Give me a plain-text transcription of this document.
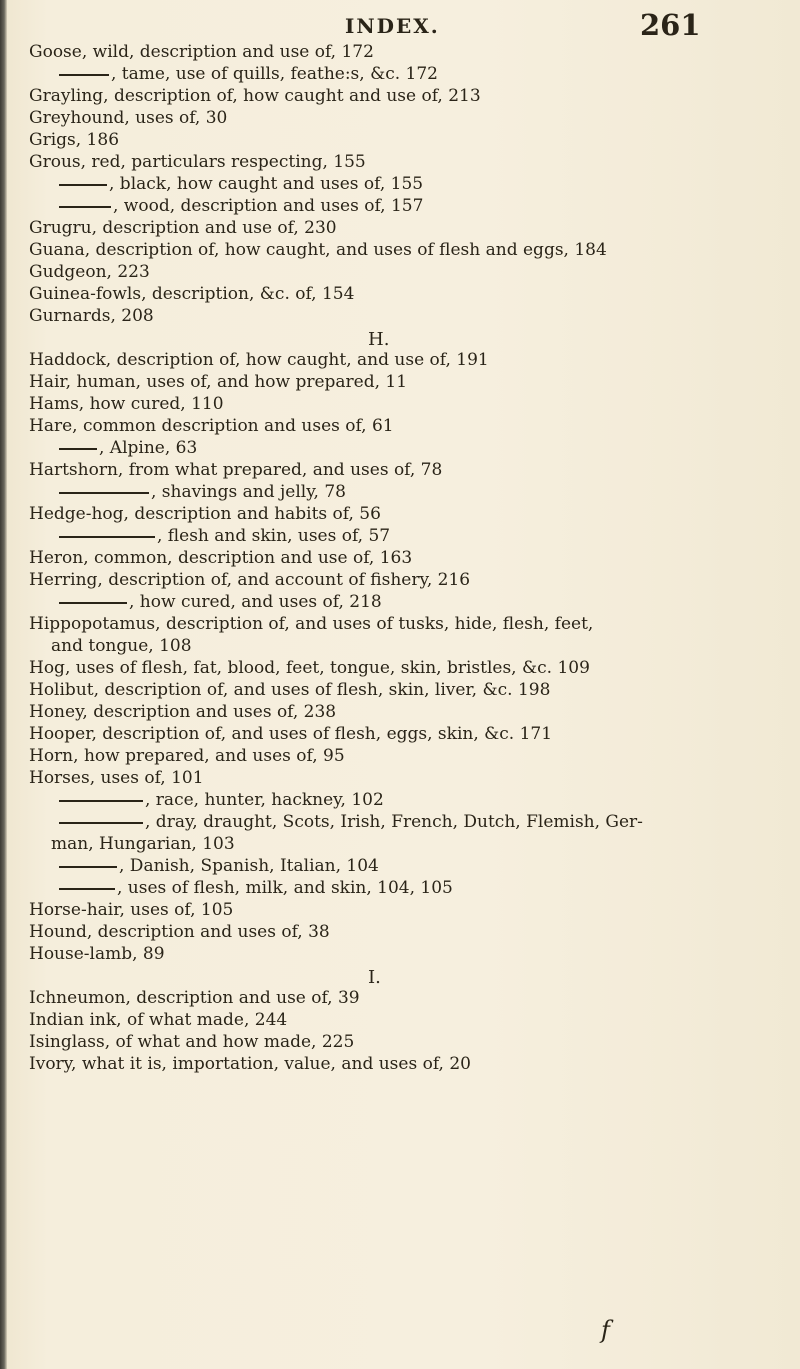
INDEX.	261
Goose, wild, description and use of, 172
, tame, use of quills, feathe:s, &c. 172
Grayling, description of, how caught and use of, 213
Greyhound, uses of, 30
Grigs, 186
Grous, red, particulars respecting, 155
, black, how caught and uses of, 155
, wood, description and uses of, 157
Grugru, description and use of, 230
Guana, description of, how caught, and uses of flesh and eggs, 184
Gudgeon, 223
Guinea-fowls, description, &c. of, 154
Gurnards, 208
H.
Haddock, description of, how caught, and use of, 191
Hair, human, uses of, and how prepared, 11
Hams, how cured, 110
Hare, common description and uses of, 61
, Alpine, 63
Hartshorn, from what prepared, and uses of, 78
, shavings and jelly, 78
Hedge-hog, description and habits of, 56
, flesh and skin, uses of, 57
Heron, common, description and use of, 163
Herring, description of, and account of fishery, 216
, how cured, and uses of, 218
Hippopotamus, description of, and uses of tusks, hide, flesh, feet,
and tongue, 108
Hog, uses of flesh, fat, blood, feet, tongue, skin, bristles, &c. 109
Holibut, description of, and uses of flesh, skin, liver, &c. 198
Honey, description and uses of, 238
Hooper, description of, and uses of flesh, eggs, skin, &c. 171
Horn, how prepared, and uses of, 95
Horses, uses of, 101
, race, hunter, hackney, 102
, dray, draught, Scots, Irish, French, Dutch, Flemish, Ger-
man, Hungarian, 103
, Danish, Spanish, Italian, 104
, uses of flesh, milk, and skin, 104, 105
Horse-hair, uses of, 105
Hound, description and uses of, 38
House-lamb, 89
I.
Ichneumon, description and use of, 39
Indian ink, of what made, 244
Isinglass, of what and how made, 225
Ivory, what it is, importation, value, and uses of, 20
f
